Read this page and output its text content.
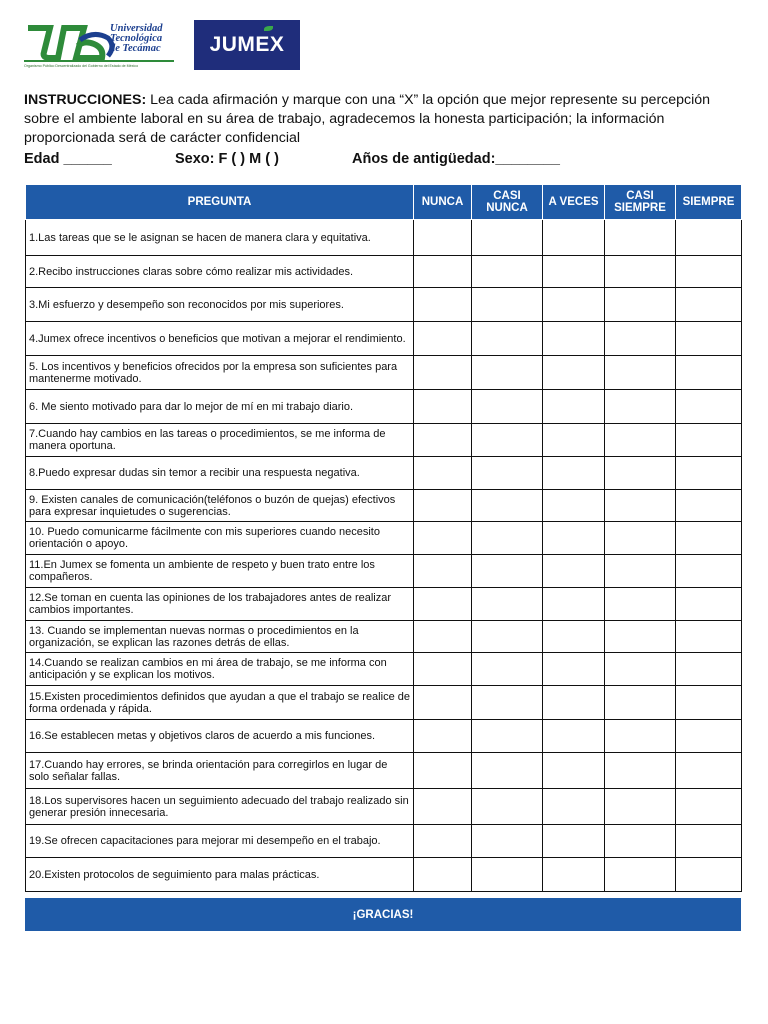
Universidad
Tecnológica
de Tecámac
Organismo Público Descentralizado del Gobierno del Estado de México
JUMEX
INSTRUCCIONES: Lea cada afirmación y marque con una “X” la opción que mejor represente su percepción sobre el ambiente laboral en su área de trabajo, agradecemos la honesta participación; la información proporcionada será de carácter confidencial
Edad ______	Sexo: F ( ) M ( )	Años de antigüedad:________
PREGUNTA	NUNCA	CASI NUNCA	A VECES	CASI SIEMPRE	SIEMPRE
1.Las tareas que se le asignan se hacen de manera clara y equitativa.					
2.Recibo instrucciones claras sobre cómo realizar mis actividades.					
3.Mi esfuerzo y desempeño son reconocidos por mis superiores.					
4.Jumex ofrece incentivos o beneficios que motivan a mejorar el rendimiento.					
5. Los incentivos y beneficios ofrecidos por la empresa son suficientes para mantenerme motivado.					
6. Me siento motivado para dar lo mejor de mí en mi trabajo diario.					
7.Cuando hay cambios en las tareas o procedimientos, se me informa de manera oportuna.					
8.Puedo expresar dudas sin temor a recibir una respuesta negativa.					
9. Existen canales de comunicación(teléfonos o buzón de quejas) efectivos para expresar inquietudes o sugerencias.					
10. Puedo comunicarme fácilmente con mis superiores cuando necesito orientación o apoyo.					
11.En Jumex se fomenta un ambiente de respeto y buen trato entre los compañeros.					
12.Se toman en cuenta las opiniones de los trabajadores antes de realizar cambios importantes.					
13. Cuando se implementan nuevas normas o procedimientos en la organización, se explican las razones detrás de ellas.					
14.Cuando se realizan cambios en mi área de trabajo, se me informa con anticipación y se explican los motivos.					
15.Existen procedimientos definidos que ayudan a que el trabajo se realice de forma ordenada y rápida.					
16.Se establecen metas y objetivos claros de acuerdo a mis funciones.					
17.Cuando hay errores, se brinda orientación para corregirlos en lugar de solo señalar fallas.					
18.Los supervisores hacen un seguimiento adecuado del trabajo realizado sin generar presión innecesaria.					
19.Se ofrecen capacitaciones para mejorar mi desempeño en el trabajo.					
20.Existen protocolos de seguimiento para malas prácticas.					
¡GRACIAS!
